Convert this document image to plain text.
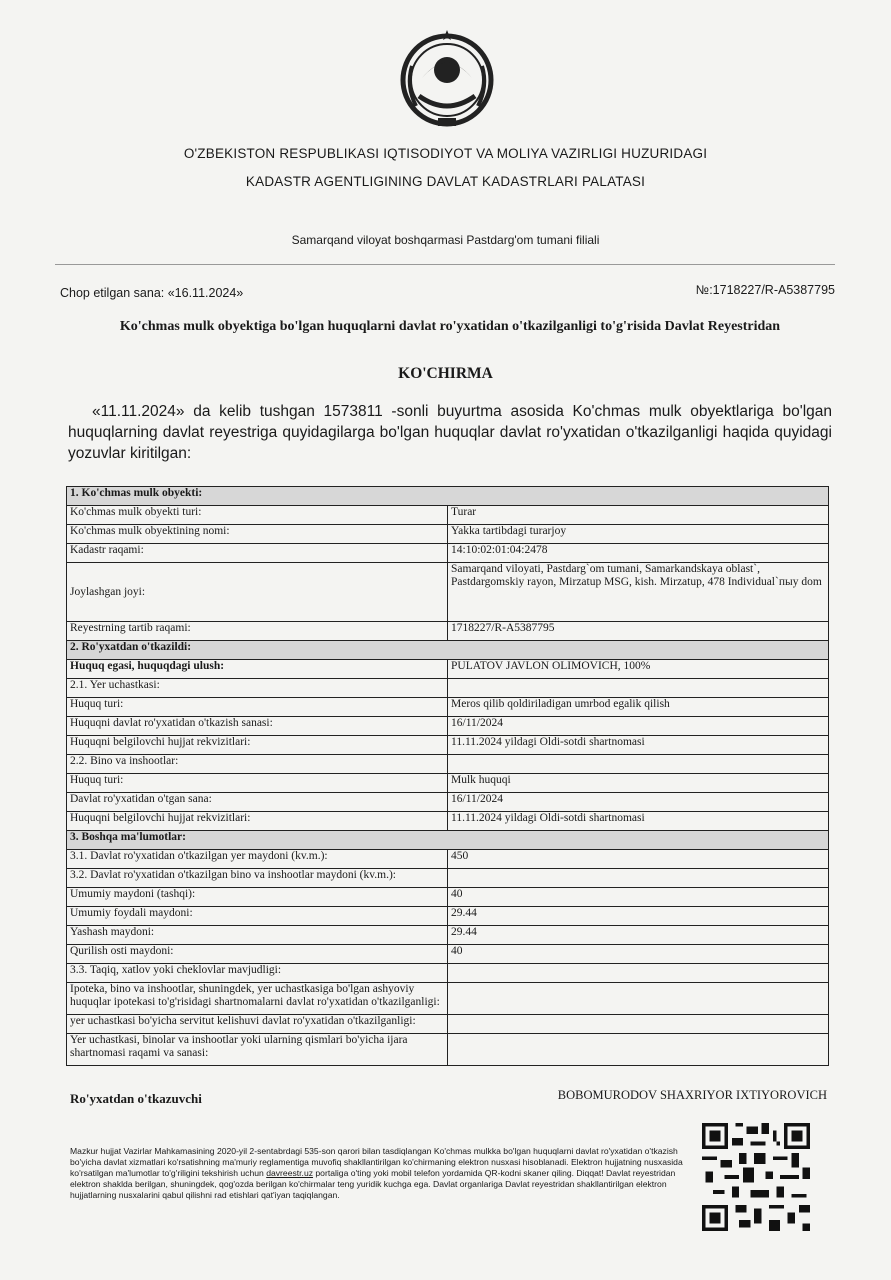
O'ZBEKISTON RESPUBLIKASI IQTISODIYOT VA MOLIYA VAZIRLIGI HUZURIDAGI
KADASTR AGENTLIGINING DAVLAT KADASTRLARI PALATASI
Samarqand viloyat boshqarmasi Pastdarg'om tumani filiali
Chop etilgan sana: «16.11.2024»	№:1718227/R-A5387795
Ko'chmas mulk obyektiga bo'lgan huquqlarni davlat ro'yxatidan o'tkazilganligi to'g'risida Davlat Reyestridan
KO'CHIRMA
«11.11.2024» da kelib tushgan 1573811 -sonli buyurtma asosida Ko'chmas mulk obyektlariga bo'lgan huquqlarning davlat reyestriga quyidagilarga bo'lgan huquqlar davlat ro'yxatidan o'tkazilganligi haqida quyidagi yozuvlar kiritilgan:
1. Ko'chmas mulk obyekti:	
Ko'chmas mulk obyekti turi:	Turar
Ko'chmas mulk obyektining nomi:	Yakka tartibdagi turarjoy
Kadastr raqami:	14:10:02:01:04:2478
Joylashgan joyi:	Samarqand viloyati, Pastdarg`om tumani, Samarkandskaya oblast`, Pastdargomskiy rayon, Mirzatup MSG, kish. Mirzatup, 478 Individual`пыу dom
Reyestrning tartib raqami:	1718227/R-A5387795
2. Ro'yxatdan o'tkazildi:	
Huquq egasi, huquqdagi ulush:	PULATOV JAVLON OLIMOVICH, 100%
2.1. Yer uchastkasi:	
Huquq turi:	Meros qilib qoldiriladigan umrbod egalik qilish
Huquqni davlat ro'yxatidan o'tkazish sanasi:	16/11/2024
Huquqni belgilovchi hujjat rekvizitlari:	11.11.2024 yildagi Oldi-sotdi shartnomasi
2.2. Bino va inshootlar:	
Huquq turi:	Mulk huquqi
Davlat ro'yxatidan o'tgan sana:	16/11/2024
Huquqni belgilovchi hujjat rekvizitlari:	11.11.2024 yildagi Oldi-sotdi shartnomasi
3. Boshqa ma'lumotlar:	
3.1. Davlat ro'yxatidan o'tkazilgan yer maydoni (kv.m.):	450
3.2. Davlat ro'yxatidan o'tkazilgan bino va inshootlar maydoni (kv.m.):	
Umumiy maydoni (tashqi):	40
Umumiy foydali maydoni:	29.44
Yashash maydoni:	29.44
Qurilish osti maydoni:	40
3.3. Taqiq, xatlov yoki cheklovlar mavjudligi:	
Ipoteka, bino va inshootlar, shuningdek, yer uchastkasiga bo'lgan ashyoviy huquqlar ipotekasi to'g'risidagi shartnomalarni davlat ro'yxatidan o'tkazilganligi:	
yer uchastkasi bo'yicha servitut kelishuvi davlat ro'yxatidan o'tkazilganligi:	
Yer uchastkasi, binolar va inshootlar yoki ularning qismlari bo'yicha ijara shartnomasi raqami va sanasi:	
Ro'yxatdan o'tkazuvchi	BOBOMURODOV SHAXRIYOR IXTIYOROVICH
Mazkur hujjat Vazirlar Mahkamasining 2020-yil 2-sentabrdagi 535-son qarori bilan tasdiqlangan Ko'chmas mulkka bo'lgan huquqlarni davlat ro'yxatidan o'tkazish bo'yicha davlat xizmatlari ko'rsatishning ma'muriy reglamentiga muvofiq shakllantirilgan ko'chirmaning elektron nusxasi hisoblanadi. Elektron hujjatning nusxasida ko'rsatilgan ma'lumotlar to'g'riligini tekshirish uchun davreestr.uz portaliga o'ting yoki mobil telefon yordamida QR-kodni skaner qiling. Diqqat! Davlat reyestridan elektron shaklda berilgan, shuningdek, qog'ozda berilgan ko'chirmalar teng yuridik kuchga ega. Davlat organlariga Davlat reyestridan shakllantirilgan elektron hujjatlarning nusxalarini qabul qilishni rad etishlari qat'iyan taqiqlangan.
